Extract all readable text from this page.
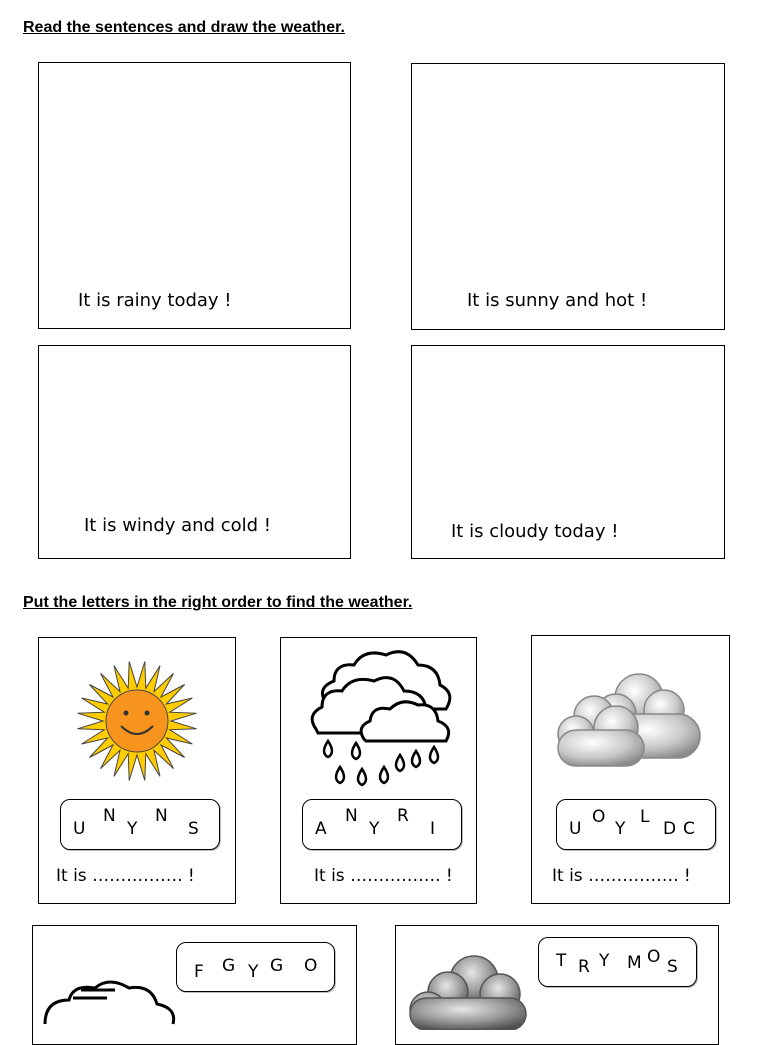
Read the sentences and draw the weather.
It is rainy today !	It is sunny and hot !
It is windy and cold !	It is cloudy today !
Put the letters in the right order to find the weather.
U
N
Y
N
S
It is ……………. !
A
N
Y
R
I
It is ……………. !
U
O
Y
L
D C
It is ……………. !
F G Y G O	T R Y M O S
